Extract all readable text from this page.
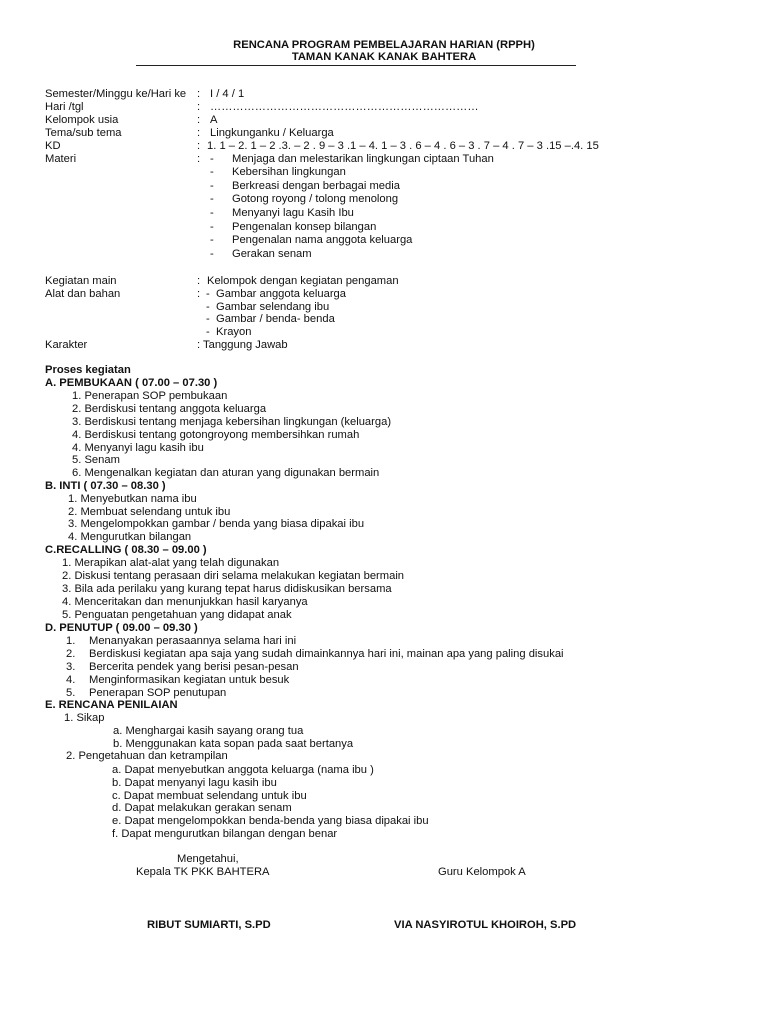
RENCANA PROGRAM PEMBELAJARAN HARIAN (RPPH)
TAMAN KANAK KANAK BAHTERA
Semester/Minggu ke/Hari ke : I / 4 / 1
Hari /tgl	: ………………………………………………………………
Kelompok usia	: A
Tema/sub tema	: Lingkunganku / Keluarga
KD	: 1. 1 – 2. 1 – 2 .3. – 2 . 9 – 3 .1 – 4. 1 – 3 . 6 – 4 . 6 – 3 . 7 – 4 . 7 – 3 .15 –.4. 15
Materi	: - Menjaga dan melestarikan lingkungan ciptaan Tuhan
- Kebersihan lingkungan
- Berkreasi dengan berbagai media
- Gotong royong / tolong menolong
- Menyanyi lagu Kasih Ibu
- Pengenalan konsep bilangan
- Pengenalan nama anggota keluarga
- Gerakan senam
Kegiatan main	: Kelompok dengan kegiatan pengaman
Alat dan bahan	: - Gambar anggota keluarga
- Gambar selendang ibu
- Gambar / benda- benda
- Krayon
Karakter	: Tanggung Jawab
Proses kegiatan
A. PEMBUKAAN ( 07.00 – 07.30 )
1. Penerapan SOP pembukaan
2. Berdiskusi tentang anggota keluarga
3. Berdiskusi tentang menjaga kebersihan lingkungan (keluarga)
4. Berdiskusi tentang gotongroyong membersihkan rumah
4. Menyanyi lagu kasih ibu
5. Senam
6. Mengenalkan kegiatan dan aturan yang digunakan bermain
B. INTI ( 07.30 – 08.30 )
1. Menyebutkan nama ibu
2. Membuat selendang untuk ibu
3. Mengelompokkan gambar / benda yang biasa dipakai ibu
4. Mengurutkan bilangan
C.RECALLING ( 08.30 – 09.00 )
1. Merapikan alat-alat yang telah digunakan
2. Diskusi tentang perasaan diri selama melakukan kegiatan bermain
3. Bila ada perilaku yang kurang tepat harus didiskusikan bersama
4. Menceritakan dan menunjukkan hasil karyanya
5. Penguatan pengetahuan yang didapat anak
D. PENUTUP ( 09.00 – 09.30 )
1. Menanyakan perasaannya selama hari ini
2. Berdiskusi kegiatan apa saja yang sudah dimainkannya hari ini, mainan apa yang paling disukai
3. Bercerita pendek yang berisi pesan-pesan
4. Menginformasikan kegiatan untuk besuk
5. Penerapan SOP penutupan
E. RENCANA PENILAIAN
1. Sikap
a. Menghargai kasih sayang orang tua
b. Menggunakan kata sopan pada saat bertanya
2. Pengetahuan dan ketrampilan
a. Dapat menyebutkan anggota keluarga (nama ibu )
b. Dapat menyanyi lagu kasih ibu
c. Dapat membuat selendang untuk ibu
d. Dapat melakukan gerakan senam
e. Dapat mengelompokkan benda-benda yang biasa dipakai ibu
f. Dapat mengurutkan bilangan dengan benar
Mengetahui,
Kepala TK PKK BAHTERA	Guru Kelompok A
RIBUT SUMIARTI, S.PD	VIA NASYIROTUL KHOIROH, S.PD
